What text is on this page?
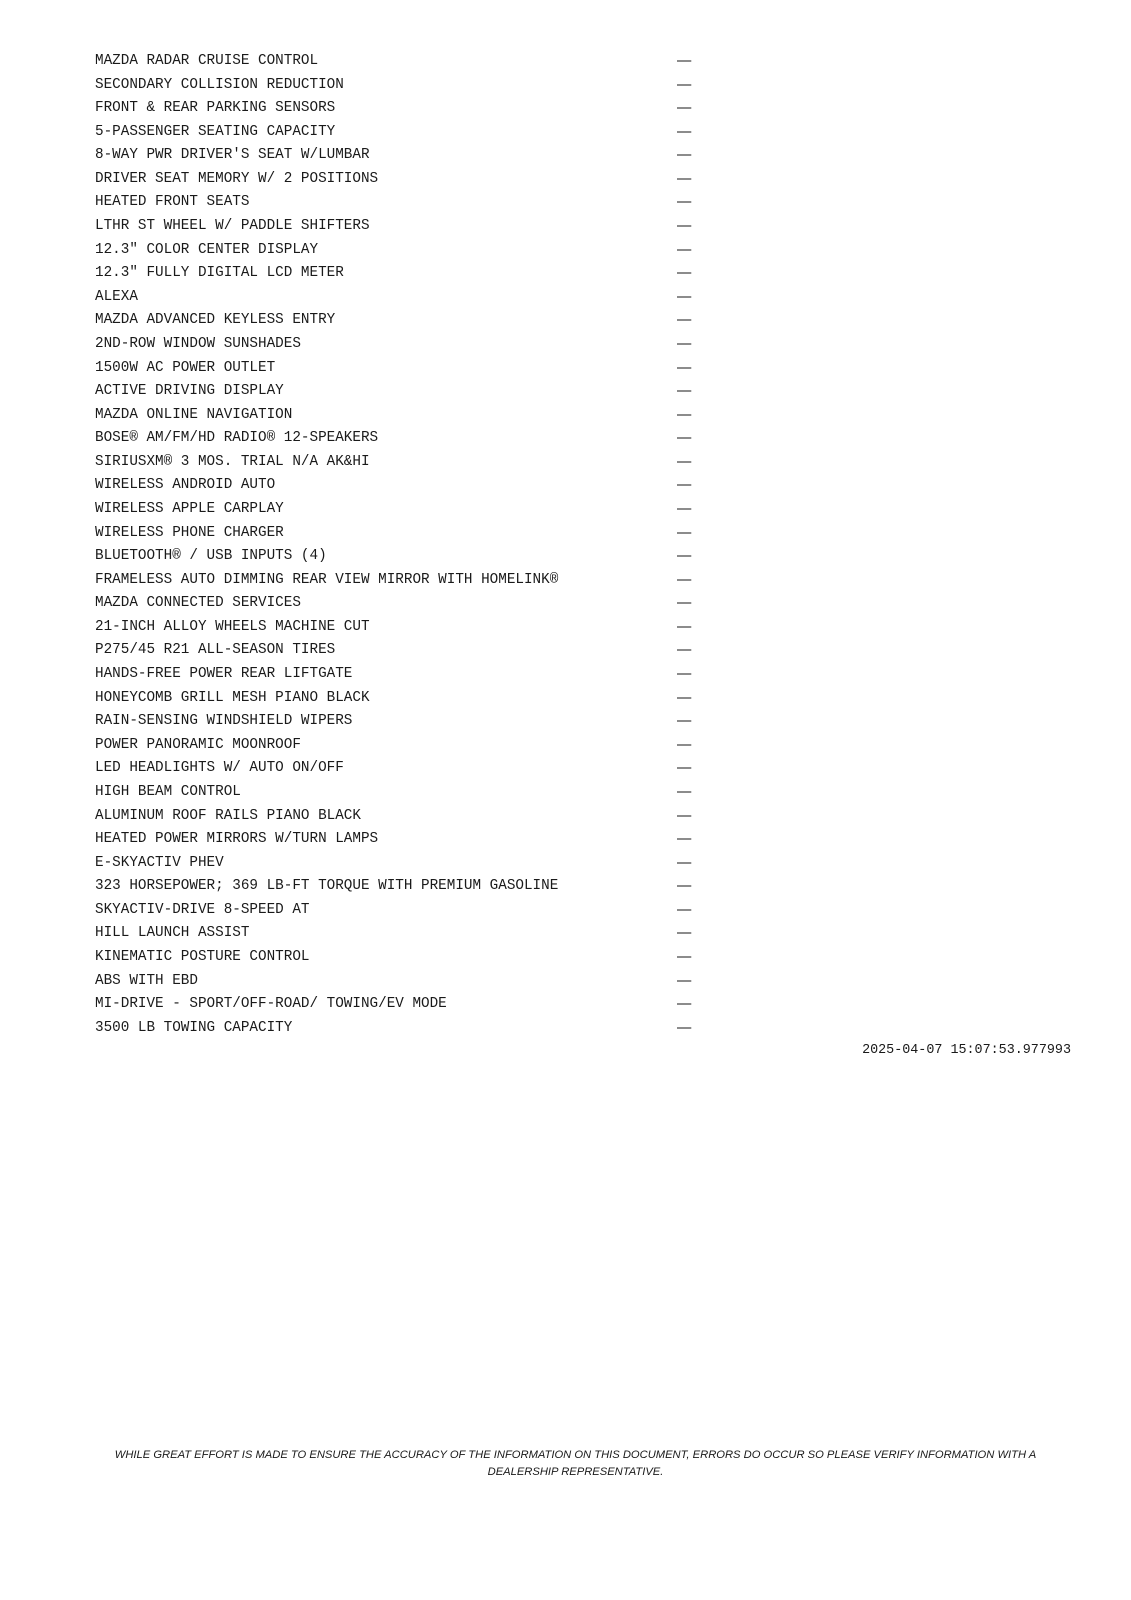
MAZDA RADAR CRUISE CONTROL	—
SECONDARY COLLISION REDUCTION	—
FRONT & REAR PARKING SENSORS	—
5-PASSENGER SEATING CAPACITY	—
8-WAY PWR DRIVER'S SEAT W/LUMBAR	—
DRIVER SEAT MEMORY W/ 2 POSITIONS	—
HEATED FRONT SEATS	—
LTHR ST WHEEL W/ PADDLE SHIFTERS	—
12.3" COLOR CENTER DISPLAY	—
12.3" FULLY DIGITAL LCD METER	—
ALEXA	—
MAZDA ADVANCED KEYLESS ENTRY	—
2ND-ROW WINDOW SUNSHADES	—
1500W AC POWER OUTLET	—
ACTIVE DRIVING DISPLAY	—
MAZDA ONLINE NAVIGATION	—
BOSE® AM/FM/HD RADIO® 12-SPEAKERS	—
SIRIUSXM® 3 MOS. TRIAL N/A AK&HI	—
WIRELESS ANDROID AUTO	—
WIRELESS APPLE CARPLAY	—
WIRELESS PHONE CHARGER	—
BLUETOOTH® / USB INPUTS (4)	—
FRAMELESS AUTO DIMMING REAR VIEW MIRROR WITH HOMELINK®	—
MAZDA CONNECTED SERVICES	—
21-INCH ALLOY WHEELS MACHINE CUT	—
P275/45 R21 ALL-SEASON TIRES	—
HANDS-FREE POWER REAR LIFTGATE	—
HONEYCOMB GRILL MESH PIANO BLACK	—
RAIN-SENSING WINDSHIELD WIPERS	—
POWER PANORAMIC MOONROOF	—
LED HEADLIGHTS W/ AUTO ON/OFF	—
HIGH BEAM CONTROL	—
ALUMINUM ROOF RAILS PIANO BLACK	—
HEATED POWER MIRRORS W/TURN LAMPS	—
E-SKYACTIV PHEV	—
323 HORSEPOWER; 369 LB-FT TORQUE WITH PREMIUM GASOLINE	—
SKYACTIV-DRIVE 8-SPEED AT	—
HILL LAUNCH ASSIST	—
KINEMATIC POSTURE CONTROL	—
ABS WITH EBD	—
MI-DRIVE - SPORT/OFF-ROAD/ TOWING/EV MODE	—
3500 LB TOWING CAPACITY	—
2025-04-07 15:07:53.977993
WHILE GREAT EFFORT IS MADE TO ENSURE THE ACCURACY OF THE INFORMATION ON THIS DOCUMENT, ERRORS DO OCCUR SO PLEASE VERIFY INFORMATION WITH A DEALERSHIP REPRESENTATIVE.
